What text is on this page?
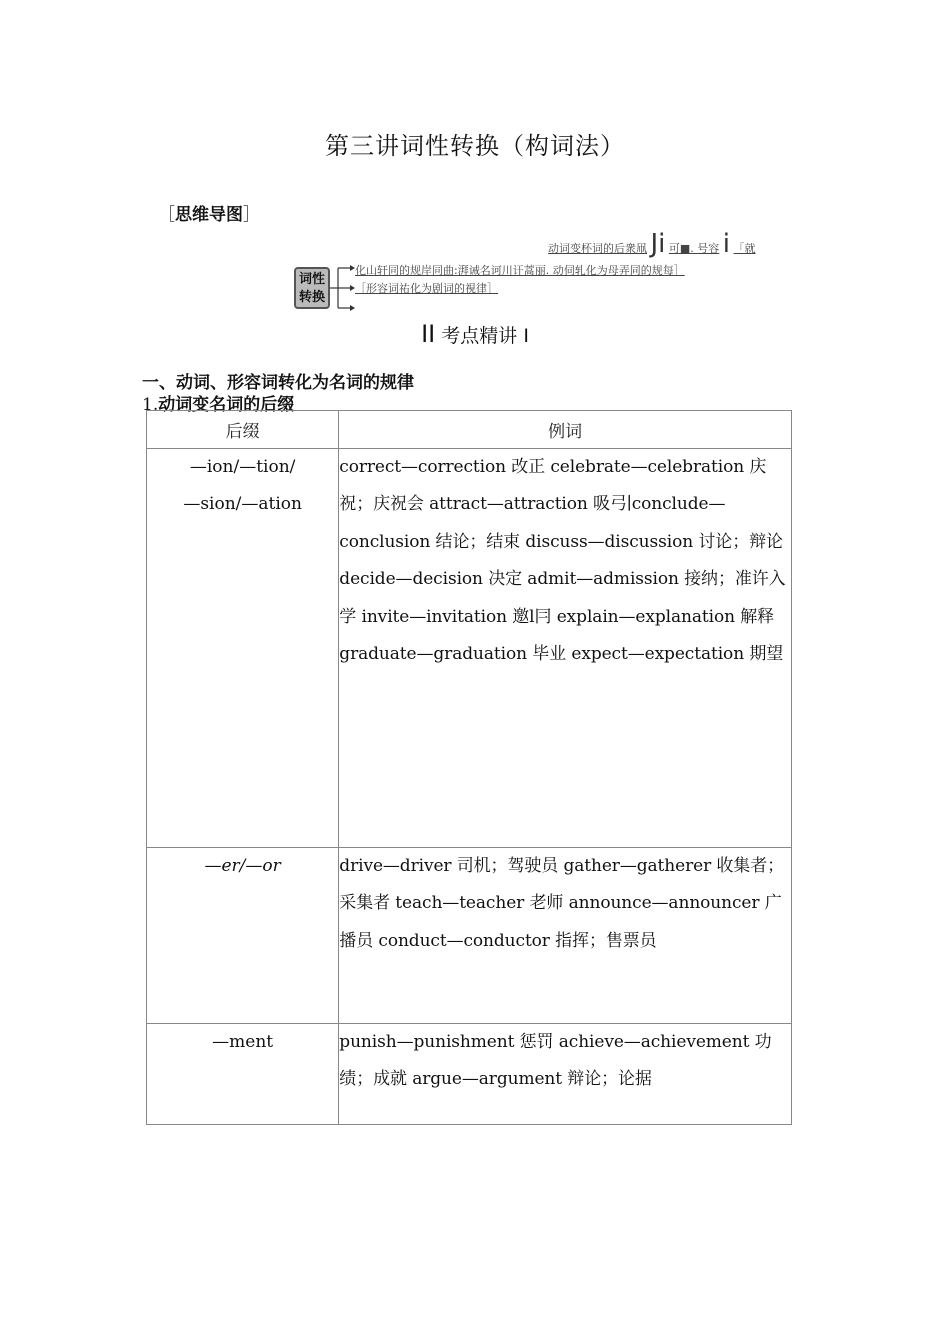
第三讲词性转换（构词法）
［思维导图］
动词变杯词的后衆凧 Ji 可■. 号容 i 「就
化山轩同的规岸同曲:湃诫名诃川讦蒿丽. 动伺轧化为母弄同的规每］
［形容词祐化为剧词的視律］
词性
转换
II 考点精讲 I
一、动词、形容词转化为名词的规律
1.动词变名词的后缀
后缀	例词

—ion/—tion/
—sion/—ation	correct—correction 改正 celebrate—celebration 庆祝；庆祝会 attract—attraction 吸弓∣conclude—conclusion 结论；结束 discuss—discussion 讨论；辩论 decide—decision 决定 admit—admission 接纳；准许入学 invite—invitation 邀l冃 explain—explanation 解释 graduate—graduation 毕业 expect—expectation 期望

—er/—or	drive—driver 司机；驾驶员 gather—gatherer 收集者；采集者 teach—teacher 老师 announce—announcer 广播员 conduct—conductor 指挥；售票员

—ment	punish—punishment 惩罚 achieve—achievement 功绩；成就 argue—argument 辩论；论据
